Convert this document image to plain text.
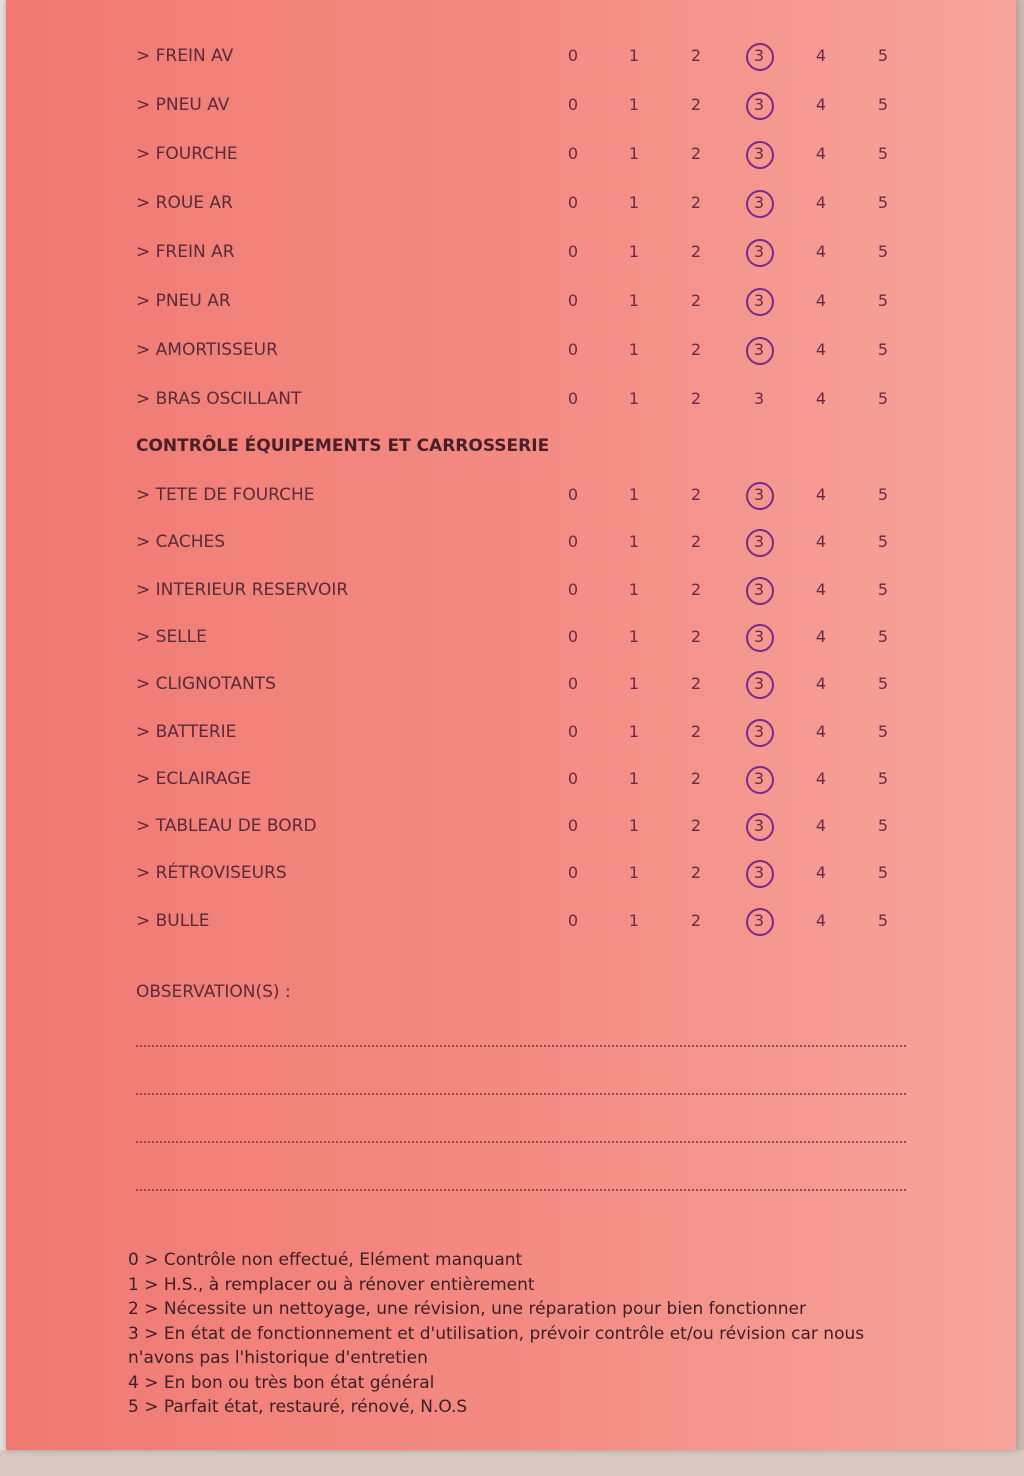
CONTRÔLE ÉQUIPEMENTS ET CARROSSERIE
OBSERVATION(S) :
0 > Contrôle non effectué, Elément manquant
1 > H.S., à remplacer ou à rénover entièrement
2 > Nécessite un nettoyage, une révision, une réparation pour bien fonctionner
3 > En état de fonctionnement et d'utilisation, prévoir contrôle et/ou révision car nous
n'avons pas l'historique d'entretien
4 > En bon ou très bon état général
5 > Parfait état, restauré, rénové, N.O.S
> FREIN AV	0	1	2	3	4	5
> PNEU AV	0	1	2	3	4	5
> FOURCHE	0	1	2	3	4	5
> ROUE AR	0	1	2	3	4	5
> FREIN AR	0	1	2	3	4	5
> PNEU AR	0	1	2	3	4	5
> AMORTISSEUR	0	1	2	3	4	5
> BRAS OSCILLANT	0	1	2	3	4	5
> TETE DE FOURCHE	0	1	2	3	4	5
> CACHES	0	1	2	3	4	5
> INTERIEUR RESERVOIR	0	1	2	3	4	5
> SELLE	0	1	2	3	4	5
> CLIGNOTANTS	0	1	2	3	4	5
> BATTERIE	0	1	2	3	4	5
> ECLAIRAGE	0	1	2	3	4	5
> TABLEAU DE BORD	0	1	2	3	4	5
> RÉTROVISEURS	0	1	2	3	4	5
> BULLE	0	1	2	3	4	5
